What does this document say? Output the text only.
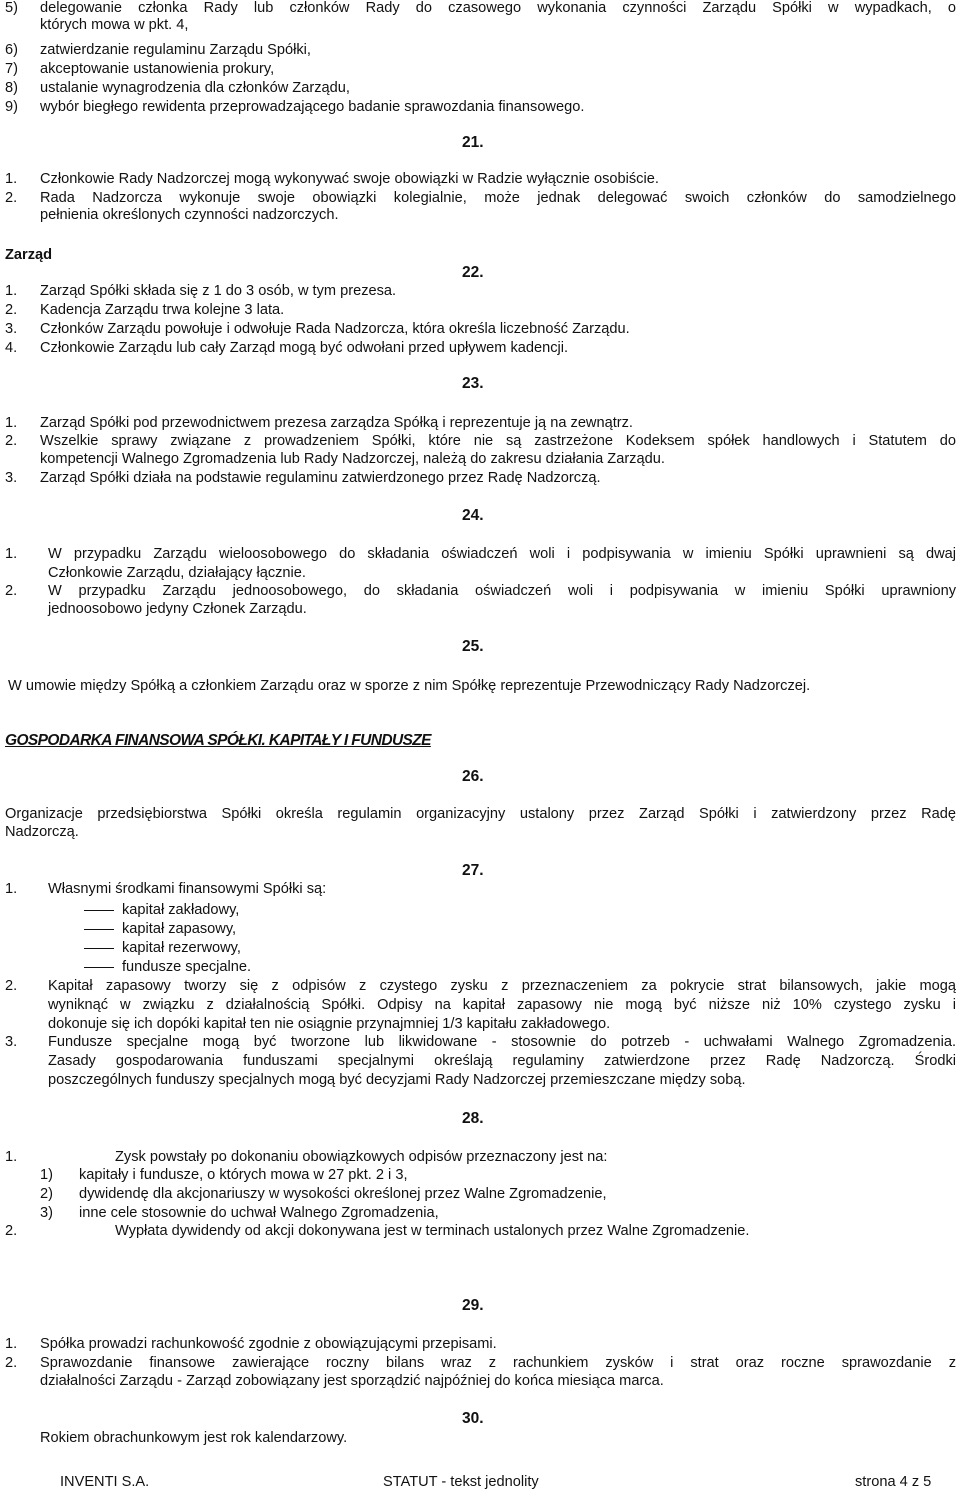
5) delegowanie członka Rady lub członków Rady do czasowego wykonania czynności Zarządu Spółki w wypadkach, o
których mowa w pkt. 4,
6) zatwierdzanie regulaminu Zarządu Spółki,
7) akceptowanie ustanowienia prokury,
8) ustalanie wynagrodzenia dla członków Zarządu,
9) wybór biegłego rewidenta przeprowadzającego badanie sprawozdania finansowego.
21.
1. Członkowie Rady Nadzorczej mogą wykonywać swoje obowiązki w Radzie wyłącznie osobiście.
2. Rada Nadzorcza wykonuje swoje obowiązki kolegialnie, może jednak delegować swoich członków do samodzielnego
pełnienia określonych czynności nadzorczych.
Zarząd
22.
1. Zarząd Spółki składa się z 1 do 3 osób, w tym prezesa.
2. Kadencja Zarządu trwa kolejne 3 lata.
3. Członków Zarządu powołuje i odwołuje Rada Nadzorcza, która określa liczebność Zarządu.
4. Członkowie Zarządu lub cały Zarząd mogą być odwołani przed upływem kadencji.
23.
1. Zarząd Spółki pod przewodnictwem prezesa zarządza Spółką i reprezentuje ją na zewnątrz.
2. Wszelkie sprawy związane z prowadzeniem Spółki, które nie są zastrzeżone Kodeksem spółek handlowych i Statutem do
kompetencji Walnego Zgromadzenia lub Rady Nadzorczej, należą do zakresu działania Zarządu.
3. Zarząd Spółki działa na podstawie regulaminu zatwierdzonego przez Radę Nadzorczą.
24.
1. W przypadku Zarządu wieloosobowego do składania oświadczeń woli i podpisywania w imieniu Spółki uprawnieni są dwaj
Członkowie Zarządu, działający łącznie.
2. W przypadku Zarządu jednoosobowego, do składania oświadczeń woli i podpisywania w imieniu Spółki uprawniony
jednoosobowo jedyny Członek Zarządu.
25.
W umowie między Spółką a członkiem Zarządu oraz w sporze z nim Spółkę reprezentuje Przewodniczący Rady Nadzorczej.
GOSPODARKA FINANSOWA SPÓŁKI. KAPITAŁY I FUNDUSZE
26.
Organizacje przedsiębiorstwa Spółki określa regulamin organizacyjny ustalony przez Zarząd Spółki i zatwierdzony przez Radę
Nadzorczą.
27.
1. Własnymi środkami finansowymi Spółki są:
kapitał zakładowy,
kapitał zapasowy,
kapitał rezerwowy,
fundusze specjalne.
2. Kapitał zapasowy tworzy się z odpisów z czystego zysku z przeznaczeniem za pokrycie strat bilansowych, jakie mogą
wyniknąć w związku z działalnością Spółki. Odpisy na kapitał zapasowy nie mogą być niższe niż 10% czystego zysku i
dokonuje się ich dopóki kapitał ten nie osiągnie przynajmniej 1/3 kapitału zakładowego.
3. Fundusze specjalne mogą być tworzone lub likwidowane - stosownie do potrzeb - uchwałami Walnego Zgromadzenia.
Zasady gospodarowania funduszami specjalnymi określają regulaminy zatwierdzone przez Radę Nadzorczą. Środki
poszczególnych funduszy specjalnych mogą być decyzjami Rady Nadzorczej przemieszczane między sobą.
28.
1.	Zysk powstały po dokonaniu obowiązkowych odpisów przeznaczony jest na:
1) kapitały i fundusze, o których mowa w 27 pkt. 2 i 3,
2) dywidendę dla akcjonariuszy w wysokości określonej przez Walne Zgromadzenie,
3) inne cele stosownie do uchwał Walnego Zgromadzenia,
2.	Wypłata dywidendy od akcji dokonywana jest w terminach ustalonych przez Walne Zgromadzenie.
29.
1. Spółka prowadzi rachunkowość zgodnie z obowiązującymi przepisami.
2. Sprawozdanie finansowe zawierające roczny bilans wraz z rachunkiem zysków i strat oraz roczne sprawozdanie z
działalności Zarządu - Zarząd zobowiązany jest sporządzić najpóźniej do końca miesiąca marca.
30.
Rokiem obrachunkowym jest rok kalendarzowy.
INVENTI S.A.	STATUT - tekst jednolity	strona 4 z 5
